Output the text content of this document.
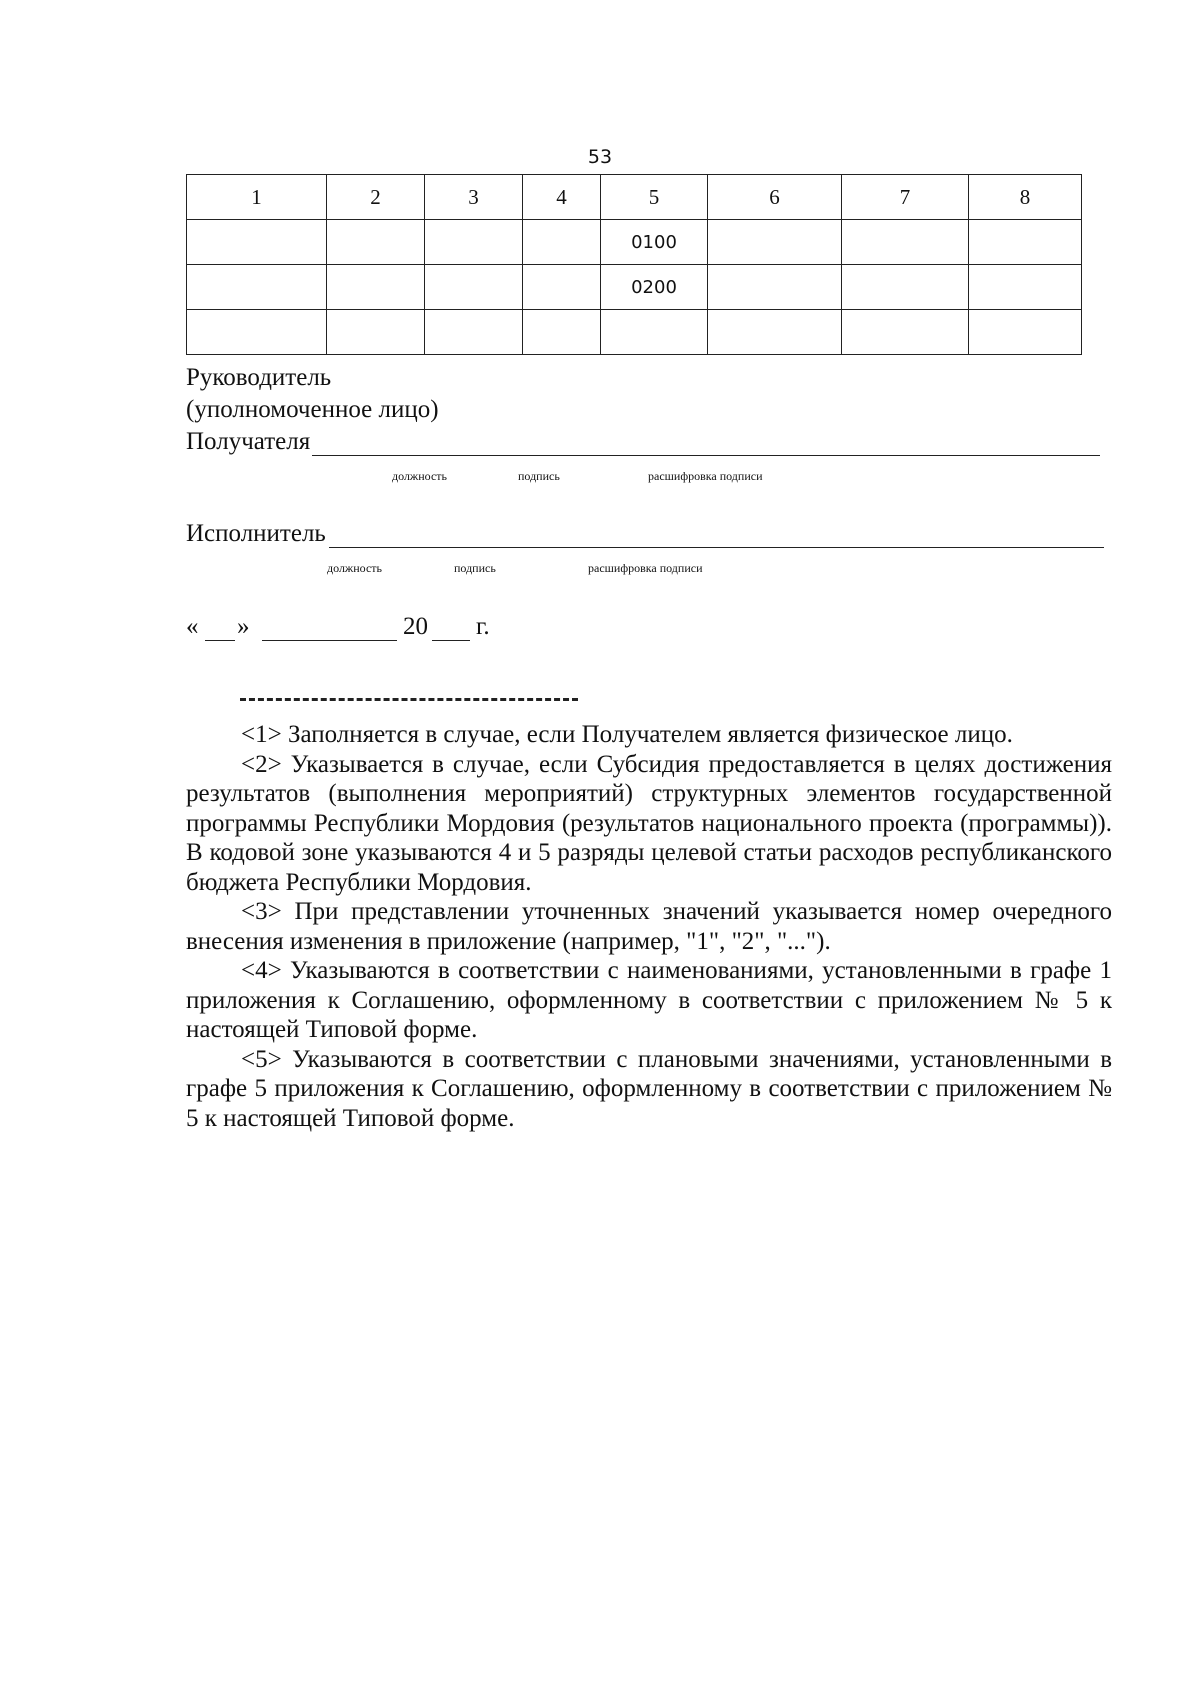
53
1	2	3	4	5	6	7	8
				0100			
				0200			

Руководитель
(уполномоченное лицо)
Получателя
должность	подпись	расшифровка подписи
Исполнитель
должность	подпись	расшифровка подписи
« »	20 г.

<1> Заполняется в случае, если Получателем является физическое лицо.

<2> Указывается в случае, если Субсидия предоставляется в целях достижения результатов (выполнения мероприятий) структурных элементов государственной программы Республики Мордовия (результатов национального проекта (программы)). В кодовой зоне указываются 4 и 5 разряды целевой статьи расходов республиканского бюджета Республики Мордовия.

<3> При представлении уточненных значений указывается номер очередного внесения изменения в приложение (например, "1", "2", "...").

<4> Указываются в соответствии с наименованиями, установленными в графе 1 приложения к Соглашению, оформленному в соответствии с приложением № 5 к настоящей Типовой форме.

<5> Указываются в соответствии с плановыми значениями, установленными в графе 5 приложения к Соглашению, оформленному в соответствии с приложением № 5 к настоящей Типовой форме.
